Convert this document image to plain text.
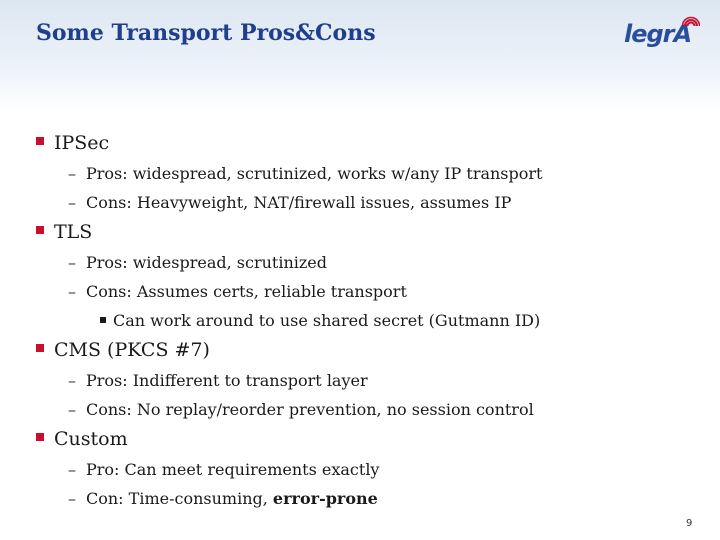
Some Transport Pros&Cons	legrA
IPSec
– Pros: widespread, scrutinized, works w/any IP transport
– Cons: Heavyweight, NAT/firewall issues, assumes IP
TLS
– Pros: widespread, scrutinized
– Cons: Assumes certs, reliable transport
Can work around to use shared secret (Gutmann ID)
CMS (PKCS #7)
– Pros: Indifferent to transport layer
– Cons: No replay/reorder prevention, no session control
Custom
– Pro: Can meet requirements exactly
– Con: Time-consuming, error-prone
9
